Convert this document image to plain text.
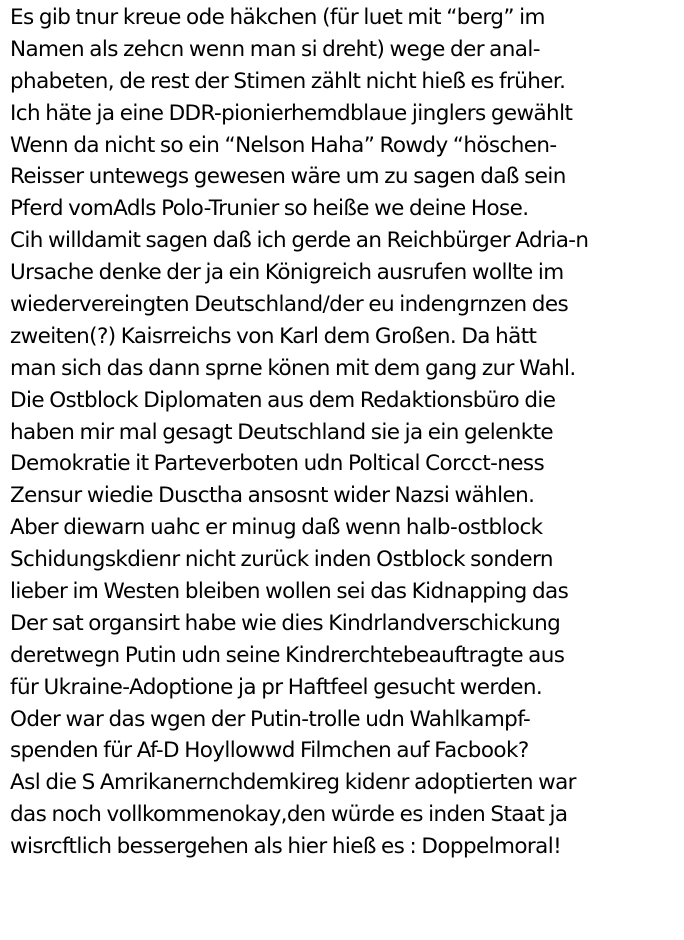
Es gib tnur kreue ode häkchen (für luet mit “berg” im
Namen als zehcn wenn man si dreht) wege der anal-
phabeten, de rest der Stimen zählt nicht hieß es früher.
Ich häte ja eine DDR-pionierhemdblaue jinglers gewählt
Wenn da nicht so ein “Nelson Haha” Rowdy “höschen-
Reisser untewegs gewesen wäre um zu sagen daß sein
Pferd vomAdls Polo-Trunier so heiße we deine Hose.
Cih willdamit sagen daß ich gerde an Reichbürger Adria-n
Ursache denke der ja ein Königreich ausrufen wollte im
wiedervereingten Deutschland/der eu indengrnzen des
zweiten(?) Kaisrreichs von Karl dem Großen. Da hätt
man sich das dann sprne könen mit dem gang zur Wahl.
Die Ostblock Diplomaten aus dem Redaktionsbüro die
haben mir mal gesagt Deutschland sie ja ein gelenkte
Demokratie it Parteverboten udn Poltical Corcct-ness
Zensur wiedie Dusctha ansosnt wider Nazsi wählen.
Aber diewarn uahc er minug daß wenn halb-ostblock
Schidungskdienr nicht zurück inden Ostblock sondern
lieber im Westen bleiben wollen sei das Kidnapping das
Der sat organsirt habe wie dies Kindrlandverschickung
deretwegn Putin udn seine Kindrerchtebeauftragte aus
für Ukraine-Adoptione ja pr Haftfeel gesucht werden.
Oder war das wgen der Putin-trolle udn Wahlkampf-
spenden für Af-D Hoyllowwd Filmchen auf Facbook?
Asl die S Amrikanernchdemkireg kidenr adoptierten war
das noch vollkommenokay,den würde es inden Staat ja
wisrcftlich bessergehen als hier hieß es : Doppelmoral!
